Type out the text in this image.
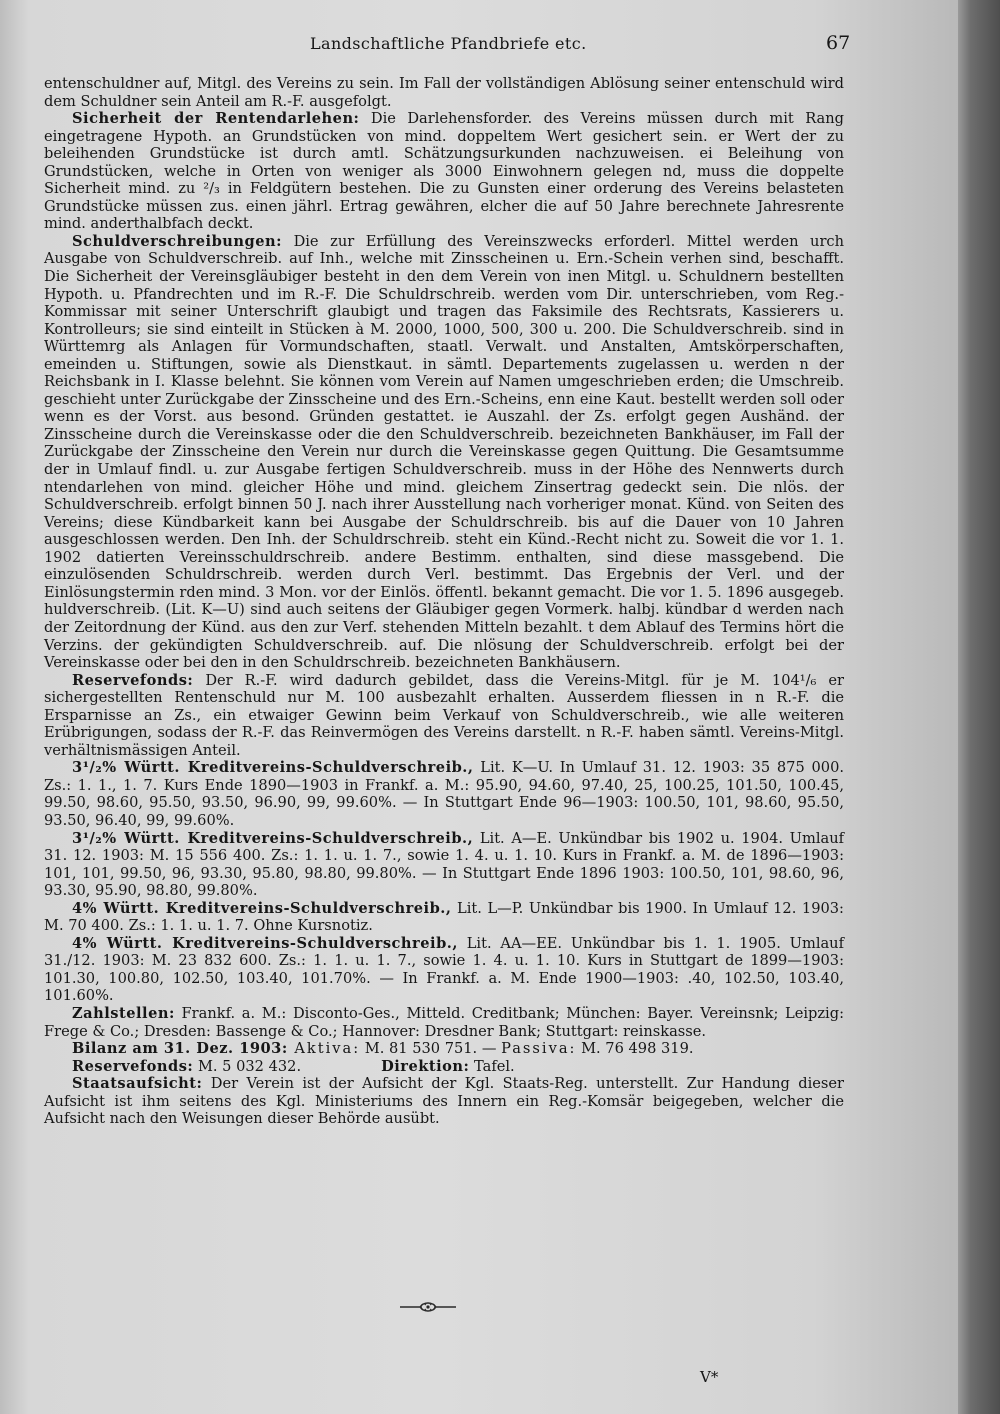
Landschaftliche Pfandbriefe etc.	67

entenschuldner auf, Mitgl. des Vereins zu sein. Im Fall der vollständigen Ablösung seiner entenschuld wird dem Schuldner sein Anteil am R.-F. ausgefolgt.

Sicherheit der Rentendarlehen: Die Darlehensforder. des Vereins müssen durch mit Rang eingetragene Hypoth. an Grundstücken von mind. doppeltem Wert gesichert sein. er Wert der zu beleihenden Grundstücke ist durch amtl. Schätzungsurkunden nachzuweisen. ei Beleihung von Grundstücken, welche in Orten von weniger als 3000 Einwohnern gelegen nd, muss die doppelte Sicherheit mind. zu ²/₃ in Feldgütern bestehen. Die zu Gunsten einer orderung des Vereins belasteten Grundstücke müssen zus. einen jährl. Ertrag gewähren, elcher die auf 50 Jahre berechnete Jahresrente mind. anderthalbfach deckt.

Schuldverschreibungen: Die zur Erfüllung des Vereinszwecks erforderl. Mittel werden urch Ausgabe von Schuldverschreib. auf Inh., welche mit Zinsscheinen u. Ern.-Schein verhen sind, beschafft. Die Sicherheit der Vereinsgläubiger besteht in den dem Verein von inen Mitgl. u. Schuldnern bestellten Hypoth. u. Pfandrechten und im R.-F. Die Schuldrschreib. werden vom Dir. unterschrieben, vom Reg.-Kommissar mit seiner Unterschrift glaubigt und tragen das Faksimile des Rechtsrats, Kassierers u. Kontrolleurs; sie sind einteilt in Stücken à M. 2000, 1000, 500, 300 u. 200. Die Schuldverschreib. sind in Württemrg als Anlagen für Vormundschaften, staatl. Verwalt. und Anstalten, Amtskörperschaften, emeinden u. Stiftungen, sowie als Dienstkaut. in sämtl. Departements zugelassen u. werden n der Reichsbank in I. Klasse belehnt. Sie können vom Verein auf Namen umgeschrieben erden; die Umschreib. geschieht unter Zurückgabe der Zinsscheine und des Ern.-Scheins, enn eine Kaut. bestellt werden soll oder wenn es der Vorst. aus besond. Gründen gestattet. ie Auszahl. der Zs. erfolgt gegen Aushänd. der Zinsscheine durch die Vereinskasse oder die den Schuldverschreib. bezeichneten Bankhäuser, im Fall der Zurückgabe der Zinsscheine den Verein nur durch die Vereinskasse gegen Quittung. Die Gesamtsumme der in Umlauf findl. u. zur Ausgabe fertigen Schuldverschreib. muss in der Höhe des Nennwerts durch ntendarlehen von mind. gleicher Höhe und mind. gleichem Zinsertrag gedeckt sein. Die nlös. der Schuldverschreib. erfolgt binnen 50 J. nach ihrer Ausstellung nach vorheriger monat. Künd. von Seiten des Vereins; diese Kündbarkeit kann bei Ausgabe der Schuldrschreib. bis auf die Dauer von 10 Jahren ausgeschlossen werden. Den Inh. der Schuldrschreib. steht ein Künd.-Recht nicht zu. Soweit die vor 1. 1. 1902 datierten Vereinsschuldrschreib. andere Bestimm. enthalten, sind diese massgebend. Die einzulösenden Schuldrschreib. werden durch Verl. bestimmt. Das Ergebnis der Verl. und der Einlösungstermin rden mind. 3 Mon. vor der Einlös. öffentl. bekannt gemacht. Die vor 1. 5. 1896 ausgegeb. huldverschreib. (Lit. K—U) sind auch seitens der Gläubiger gegen Vormerk. halbj. kündbar d werden nach der Zeitordnung der Künd. aus den zur Verf. stehenden Mitteln bezahlt. t dem Ablauf des Termins hört die Verzins. der gekündigten Schuldverschreib. auf. Die nlösung der Schuldverschreib. erfolgt bei der Vereinskasse oder bei den in den Schuldrschreib. bezeichneten Bankhäusern.

Reservefonds: Der R.-F. wird dadurch gebildet, dass die Vereins-Mitgl. für je M. 104¹/₆ er sichergestellten Rentenschuld nur M. 100 ausbezahlt erhalten. Ausserdem fliessen in n R.-F. die Ersparnisse an Zs., ein etwaiger Gewinn beim Verkauf von Schuldverschreib., wie alle weiteren Erübrigungen, sodass der R.-F. das Reinvermögen des Vereins darstellt. n R.-F. haben sämtl. Vereins-Mitgl. verhältnismässigen Anteil.

3¹/₂% Württ. Kreditvereins-Schuldverschreib., Lit. K—U. In Umlauf 31. 12. 1903: 35 875 000. Zs.: 1. 1., 1. 7. Kurs Ende 1890—1903 in Frankf. a. M.: 95.90, 94.60, 97.40, 25, 100.25, 101.50, 100.45, 99.50, 98.60, 95.50, 93.50, 96.90, 99, 99.60%. — In Stuttgart Ende 96—1903: 100.50, 101, 98.60, 95.50, 93.50, 96.40, 99, 99.60%.

3¹/₂% Württ. Kreditvereins-Schuldverschreib., Lit. A—E. Unkündbar bis 1902 u. 1904. Umlauf 31. 12. 1903: M. 15 556 400. Zs.: 1. 1. u. 1. 7., sowie 1. 4. u. 1. 10. Kurs in Frankf. a. M. de 1896—1903: 101, 101, 99.50, 96, 93.30, 95.80, 98.80, 99.80%. — In Stuttgart Ende 1896 1903: 100.50, 101, 98.60, 96, 93.30, 95.90, 98.80, 99.80%.

4% Württ. Kreditvereins-Schuldverschreib., Lit. L—P. Unkündbar bis 1900. In Umlauf 12. 1903: M. 70 400. Zs.: 1. 1. u. 1. 7. Ohne Kursnotiz.

4% Württ. Kreditvereins-Schuldverschreib., Lit. AA—EE. Unkündbar bis 1. 1. 1905. Umlauf 31./12. 1903: M. 23 832 600. Zs.: 1. 1. u. 1. 7., sowie 1. 4. u. 1. 10. Kurs in Stuttgart de 1899—1903: 101.30, 100.80, 102.50, 103.40, 101.70%. — In Frankf. a. M. Ende 1900—1903: .40, 102.50, 103.40, 101.60%.

Zahlstellen: Frankf. a. M.: Disconto-Ges., Mitteld. Creditbank; München: Bayer. Vereinsnk; Leipzig: Frege & Co.; Dresden: Bassenge & Co.; Hannover: Dresdner Bank; Stuttgart: reinskasse.

Bilanz am 31. Dez. 1903: Aktiva: M. 81 530 751. — Passiva: M. 76 498 319.

Reservefonds: M. 5 032 432.	Direktion: Tafel.

Staatsaufsicht: Der Verein ist der Aufsicht der Kgl. Staats-Reg. unterstellt. Zur Handung dieser Aufsicht ist ihm seitens des Kgl. Ministeriums des Innern ein Reg.-Komsär beigegeben, welcher die Aufsicht nach den Weisungen dieser Behörde ausübt.

V*
